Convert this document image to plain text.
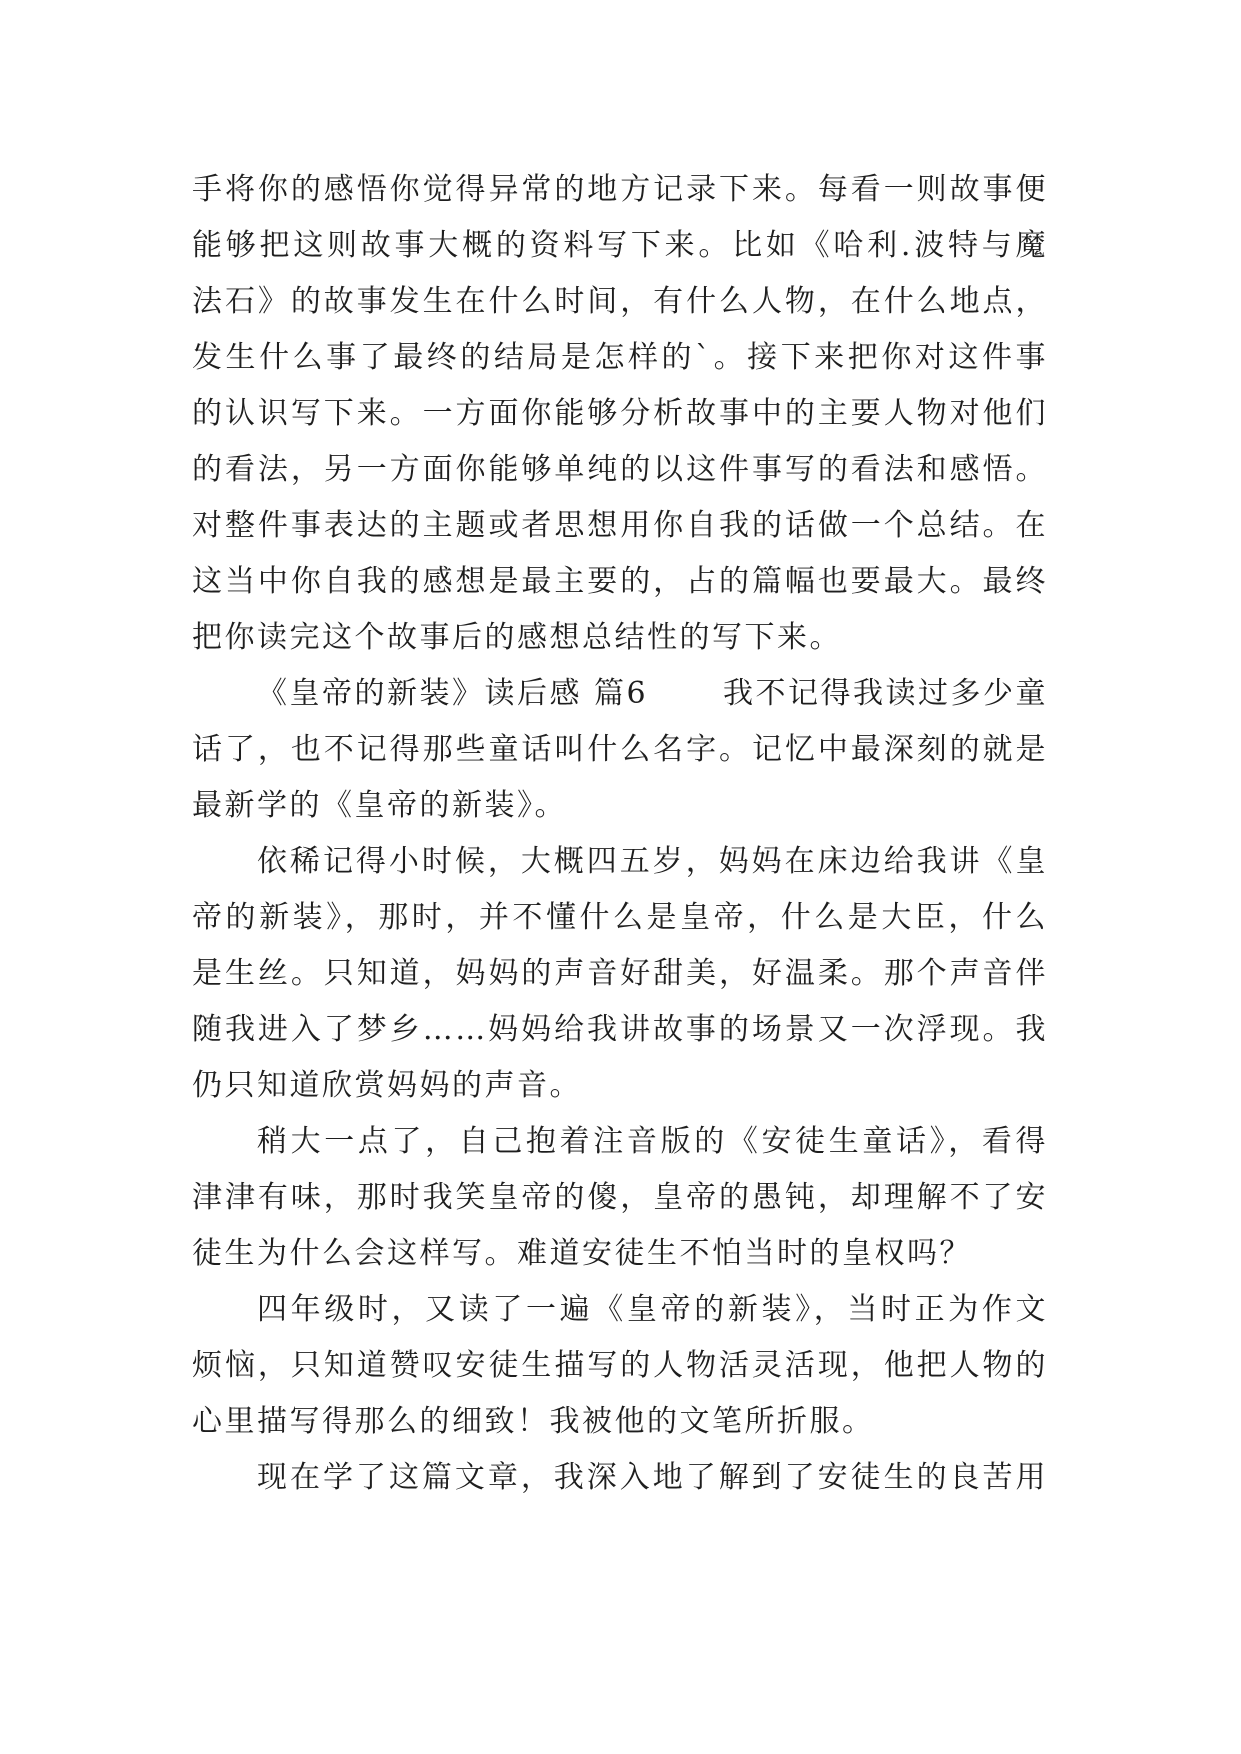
手将你的感悟你觉得异常的地方记录下来。每看一则故事便
能够把这则故事大概的资料写下来。比如《哈利.波特与魔
法石》的故事发生在什么时间，有什么人物，在什么地点，
发生什么事了最终的结局是怎样的`。接下来把你对这件事
的认识写下来。一方面你能够分析故事中的主要人物对他们
的看法，另一方面你能够单纯的以这件事写的看法和感悟。
对整件事表达的主题或者思想用你自我的话做一个总结。在
这当中你自我的感想是最主要的，占的篇幅也要最大。最终
把你读完这个故事后的感想总结性的写下来。
《皇帝的新装》读后感 篇6 我不记得我读过多少童
话了，也不记得那些童话叫什么名字。记忆中最深刻的就是
最新学的《皇帝的新装》。
依稀记得小时候，大概四五岁，妈妈在床边给我讲《皇
帝的新装》，那时，并不懂什么是皇帝，什么是大臣，什么
是生丝。只知道，妈妈的声音好甜美，好温柔。那个声音伴
随我进入了梦乡……妈妈给我讲故事的场景又一次浮现。我
仍只知道欣赏妈妈的声音。
稍大一点了，自己抱着注音版的《安徒生童话》，看得
津津有味，那时我笑皇帝的傻，皇帝的愚钝，却理解不了安
徒生为什么会这样写。难道安徒生不怕当时的皇权吗？
四年级时，又读了一遍《皇帝的新装》，当时正为作文
烦恼，只知道赞叹安徒生描写的人物活灵活现，他把人物的
心里描写得那么的细致！我被他的文笔所折服。
现在学了这篇文章，我深入地了解到了安徒生的良苦用
